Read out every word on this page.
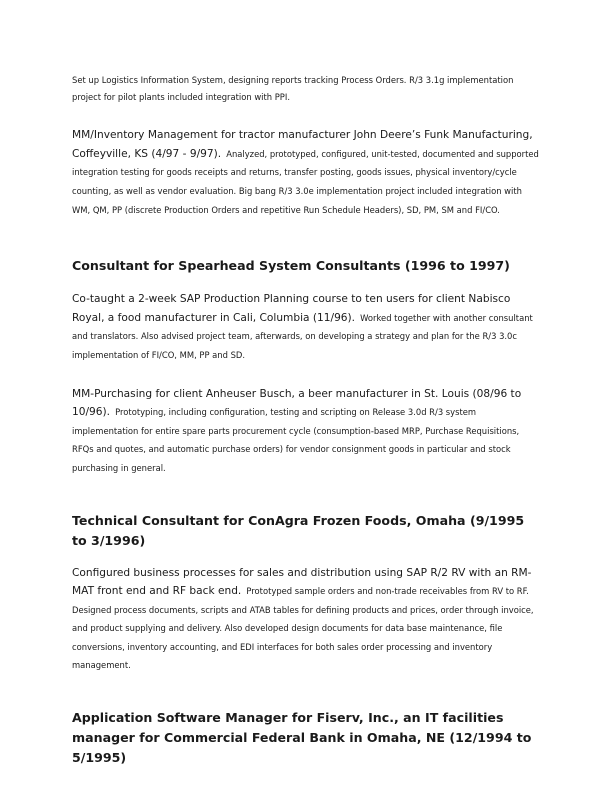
Set up Logistics Information System, designing reports tracking Process Orders. R/3 3.1g implementation project for pilot plants included integration with PPI.

MM/Inventory Management for tractor manufacturer John Deere’s Funk Manufacturing, Coffeyville, KS (4/97 - 9/97). Analyzed, prototyped, configured, unit-tested, documented and supported integration testing for goods receipts and returns, transfer posting, goods issues, physical inventory/cycle counting, as well as vendor evaluation. Big bang R/3 3.0e implementation project included integration with WM, QM, PP (discrete Production Orders and repetitive Run Schedule Headers), SD, PM, SM and FI/CO.

Consultant for Spearhead System Consultants (1996 to 1997)

Co-taught a 2-week SAP Production Planning course to ten users for client Nabisco Royal, a food manufacturer in Cali, Columbia (11/96). Worked together with another consultant and translators. Also advised project team, afterwards, on developing a strategy and plan for the R/3 3.0c implementation of FI/CO, MM, PP and SD.

MM-Purchasing for client Anheuser Busch, a beer manufacturer in St. Louis (08/96 to 10/96). Prototyping, including configuration, testing and scripting on Release 3.0d R/3 system implementation for entire spare parts procurement cycle (consumption-based MRP, Purchase Requisitions, RFQs and quotes, and automatic purchase orders) for vendor consignment goods in particular and stock purchasing in general.

Technical Consultant for ConAgra Frozen Foods, Omaha (9/1995 to 3/1996)

Configured business processes for sales and distribution using SAP R/2 RV with an RM-MAT front end and RF back end. Prototyped sample orders and non-trade receivables from RV to RF. Designed process documents, scripts and ATAB tables for defining products and prices, order through invoice, and product supplying and delivery. Also developed design documents for data base maintenance, file conversions, inventory accounting, and EDI interfaces for both sales order processing and inventory management.

Application Software Manager for Fiserv, Inc., an IT facilities manager for Commercial Federal Bank in Omaha, NE (12/1994 to 5/1995)
